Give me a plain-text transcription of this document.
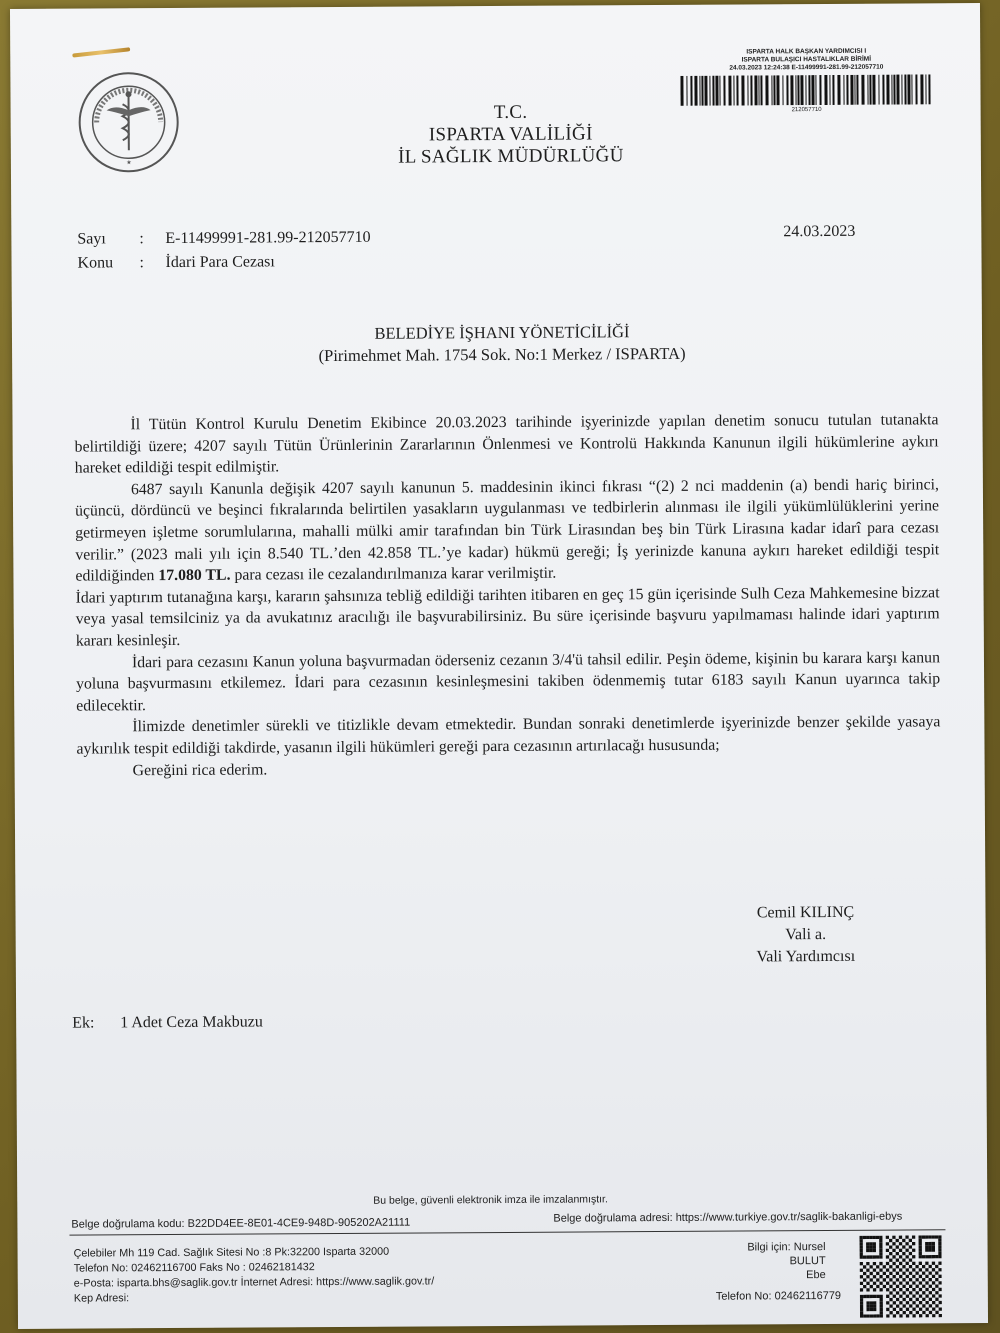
★
ISPARTA HALK BAŞKAN YARDIMCISI I
ISPARTA BULAŞICI HASTALIKLAR BİRİMİ
24.03.2023 12:24:38 E-11499991-281.99-212057710
212057710
T.C.
ISPARTA VALİLİĞİ
İL SAĞLIK MÜDÜRLÜĞÜ
Sayı : E-11499991-281.99-212057710
Konu : İdari Para Cezası
24.03.2023
BELEDİYE İŞHANI YÖNETİCİLİĞİ
(Pirimehmet Mah. 1754 Sok. No:1 Merkez / ISPARTA)

İl Tütün Kontrol Kurulu Denetim Ekibince 20.03.2023 tarihinde işyerinizde yapılan denetim sonucu tutulan tutanakta belirtildiği üzere; 4207 sayılı Tütün Ürünlerinin Zararlarının Önlenmesi ve Kontrolü Hakkında Kanunun ilgili hükümlerine aykırı hareket edildiği tespit edilmiştir.

6487 sayılı Kanunla değişik 4207 sayılı kanunun 5. maddesinin ikinci fıkrası “(2) 2 nci maddenin (a) bendi hariç birinci, üçüncü, dördüncü ve beşinci fıkralarında belirtilen yasakların uygulanması ve tedbirlerin alınması ile ilgili yükümlülüklerini yerine getirmeyen işletme sorumlularına, mahalli mülki amir tarafından bin Türk Lirasından beş bin Türk Lirasına kadar idarî para cezası verilir.” (2023 mali yılı için 8.540 TL.’den 42.858 TL.’ye kadar) hükmü gereği; İş yerinizde kanuna aykırı hareket edildiği tespit edildiğinden 17.080 TL. para cezası ile cezalandırılmanıza karar verilmiştir.

İdari yaptırım tutanağına karşı, kararın şahsınıza tebliğ edildiği tarihten itibaren en geç 15 gün içerisinde Sulh Ceza Mahkemesine bizzat veya yasal temsilciniz ya da avukatınız aracılığı ile başvurabilirsiniz. Bu süre içerisinde başvuru yapılmaması halinde idari yaptırım kararı kesinleşir.

İdari para cezasını Kanun yoluna başvurmadan öderseniz cezanın 3/4'ü tahsil edilir. Peşin ödeme, kişinin bu karara karşı kanun yoluna başvurmasını etkilemez. İdari para cezasının kesinleşmesini takiben ödenmemiş tutar 6183 sayılı Kanun uyarınca takip edilecektir.

İlimizde denetimler sürekli ve titizlikle devam etmektedir. Bundan sonraki denetimlerde işyerinizde benzer şekilde yasaya aykırılık tespit edildiği takdirde, yasanın ilgili hükümleri gereği para cezasının artırılacağı hususunda;

Gereğini rica ederim.

Cemil KILINÇ
Vali a.
Vali Yardımcısı
Ek: 1 Adet Ceza Makbuzu
Bu belge, güvenli elektronik imza ile imzalanmıştır.
Belge doğrulama kodu: B22DD4EE-8E01-4CE9-948D-905202A21111	Belge doğrulama adresi: https://www.turkiye.gov.tr/saglik-bakanligi-ebys
Çelebiler Mh 119 Cad. Sağlık Sitesi No :8 Pk:32200 Isparta 32000
Telefon No: 02462116700 Faks No : 02462181432
e-Posta: isparta.bhs@saglik.gov.tr İnternet Adresi: https://www.saglik.gov.tr/
Kep Adresi:
Bilgi için: Nursel BULUT
Ebe
Telefon No: 02462116779
